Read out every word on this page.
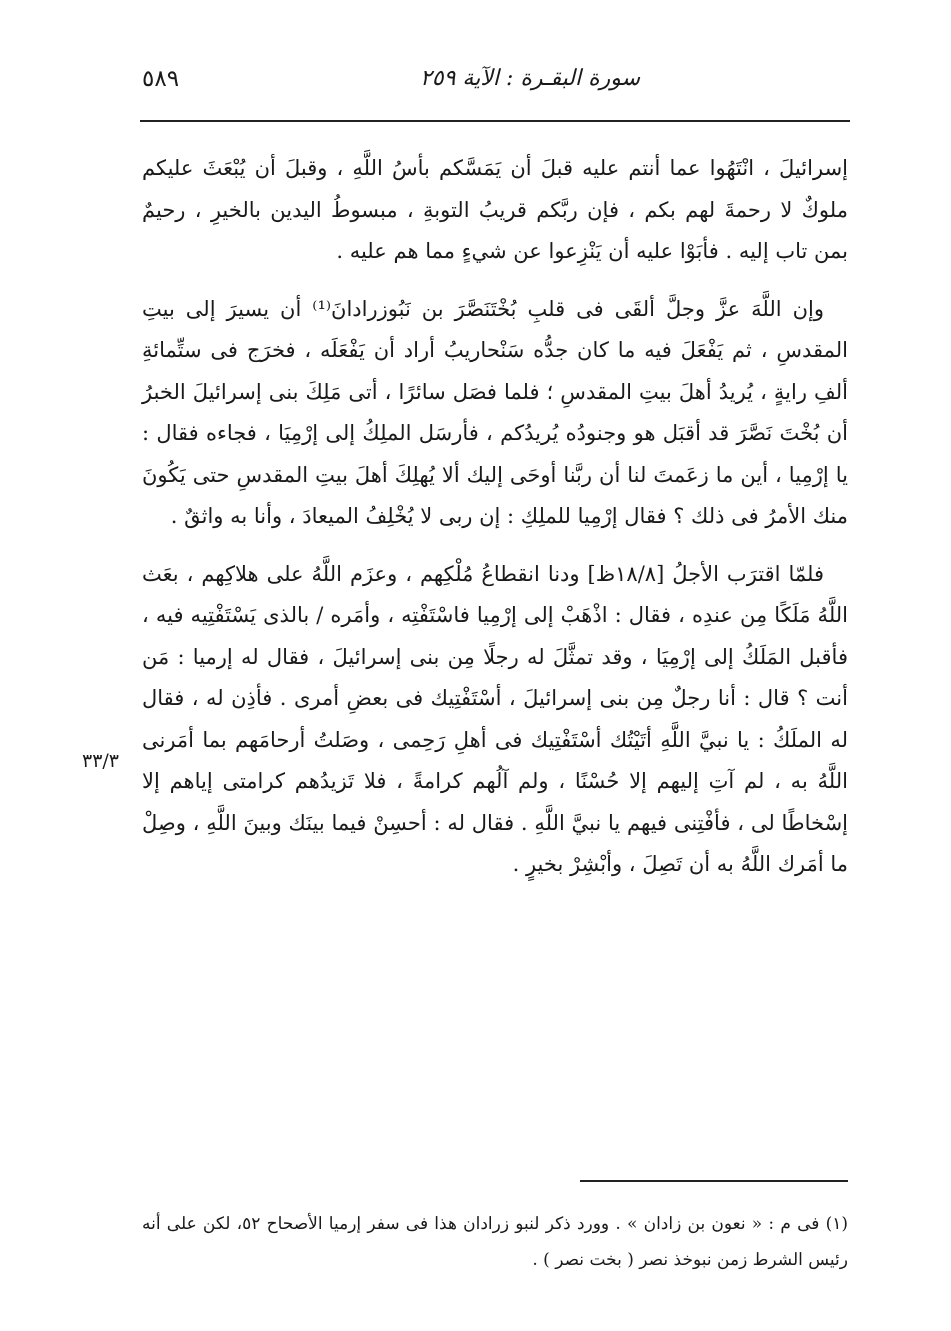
٥٨٩	سورة البقـرة : الآية ٢٥٩

إسرائيلَ ، انْتَهُوا عما أنتم عليه قبلَ أن يَمَسَّكم بأسُ اللَّهِ ، وقبلَ أن يُبْعَثَ عليكم ملوكٌ لا رحمةَ لهم بكم ، فإن ربَّكم قريبُ التوبةِ ، مبسوطُ اليدين بالخيرِ ، رحيمٌ بمن تاب إليه . فأبَوْا عليه أن يَنْزِعوا عن شيءٍ مما هم عليه .

وإن اللَّهَ عزَّ وجلَّ ألقَى فى قلبِ بُخْتَنَصَّرَ بن نَبُوزرادانَ⁽¹⁾ أن يسيرَ إلى بيتِ المقدسِ ، ثم يَفْعَلَ فيه ما كان جدُّه سَنْحاريبُ أراد أن يَفْعَلَه ، فخرَج فى ستِّمائةِ ألفِ رايةٍ ، يُريدُ أهلَ بيتِ المقدسِ ؛ فلما فصَل سائرًا ، أتى مَلِكَ بنى إسرائيلَ الخبرُ أن بُخْتَ نَصَّرَ قد أقبَل هو وجنودُه يُريدُكم ، فأرسَل الملِكُ إلى إرْمِيَا ، فجاءه فقال : يا إرْمِيا ، أين ما زعَمتَ لنا أن ربَّنا أوحَى إليك ألا يُهلِكَ أهلَ بيتِ المقدسِ حتى يَكُونَ منك الأمرُ فى ذلك ؟ فقال إرْمِيا للملِكِ : إن ربى لا يُخْلِفُ الميعادَ ، وأنا به واثقٌ .

فلمّا اقترَب الأجلُ [١٨/٨ظ] ودنا انقطاعُ مُلْكِهم ، وعزَم اللَّهُ على هلاكِهم ، بعَث اللَّهُ مَلَكًا مِن عندِه ، فقال : اذْهَبْ إلى إرْمِيا فاسْتَفْتِه ، وأمَره / بالذى يَسْتَفْتِيه فيه ، فأقبل المَلَكُ إلى إرْمِيَا ، وقد تمثَّلَ له رجلًا مِن بنى إسرائيلَ ، فقال له إرميا : مَن أنت ؟ قال : أنا رجلٌ مِن بنى إسرائيلَ ، أسْتَفْتِيك فى بعضِ أمرى . فأذِن له ، فقال له الملَكُ : يا نبيَّ اللَّهِ أتَيْتُك أسْتَفْتِيك فى أهلِ رَحِمى ، وصَلتُ أرحامَهم بما أمَرنى اللَّهُ به ، لم آتِ إليهم إلا حُسْنًا ، ولم آلُهم كرامةً ، فلا تَزيدُهم كرامتى إياهم إلا إسْخاطًا لى ، فأفْتِنى فيهم يا نبيَّ اللَّهِ . فقال له : أحسِنْ فيما بينَك وبينَ اللَّهِ ، وصِلْ ما أمَرك اللَّهُ به أن تَصِلَ ، وأبْشِرْ بخيرٍ .

٣٣/٣

(١) فى م : « نعون بن زادان » . وورد ذكر لنبو زرادان هذا فى سفر إرميا الأصحاح ٥٢، لكن على أنه رئيس الشرط زمن نبوخذ نصر ( بخت نصر ) .
